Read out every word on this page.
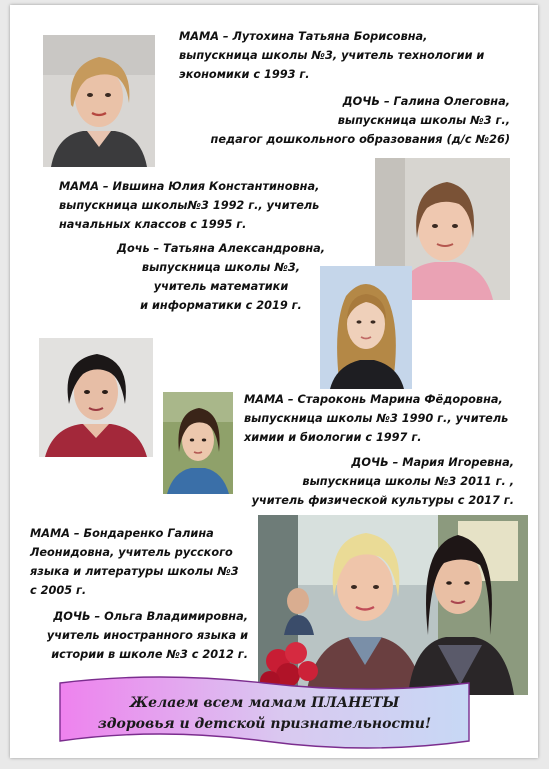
МАМА – Лутохина Татьяна Борисовна,
выпускница школы №3, учитель технологии и
экономики с 1993 г.
ДОЧЬ – Галина Олеговна,
выпускница школы №3 г.,
педагог дошкольного образования (д/с №26)
МАМА – Ившина Юлия Константиновна,
выпускница школы№3 1992 г., учитель
начальных классов с 1995 г.
Дочь – Татьяна Александровна,
выпускница школы №3,
учитель математики
и информатики с 2019 г.
МАМА – Староконь Марина Фёдоровна,
выпускница школы №3 1990 г., учитель
химии и биологии с 1997 г.
ДОЧЬ – Мария Игоревна,
выпускница школы №3 2011 г. ,
учитель физической культуры с 2017 г.
МАМА – Бондаренко Галина
Леонидовна, учитель русского
языка и литературы школы №3
с 2005 г.
ДОЧЬ – Ольга Владимировна,
учитель иностранного языка и
истории в школе №3 с 2012 г.
Желаем всем мамам ПЛАНЕТЫ
здоровья и детской признательности!
